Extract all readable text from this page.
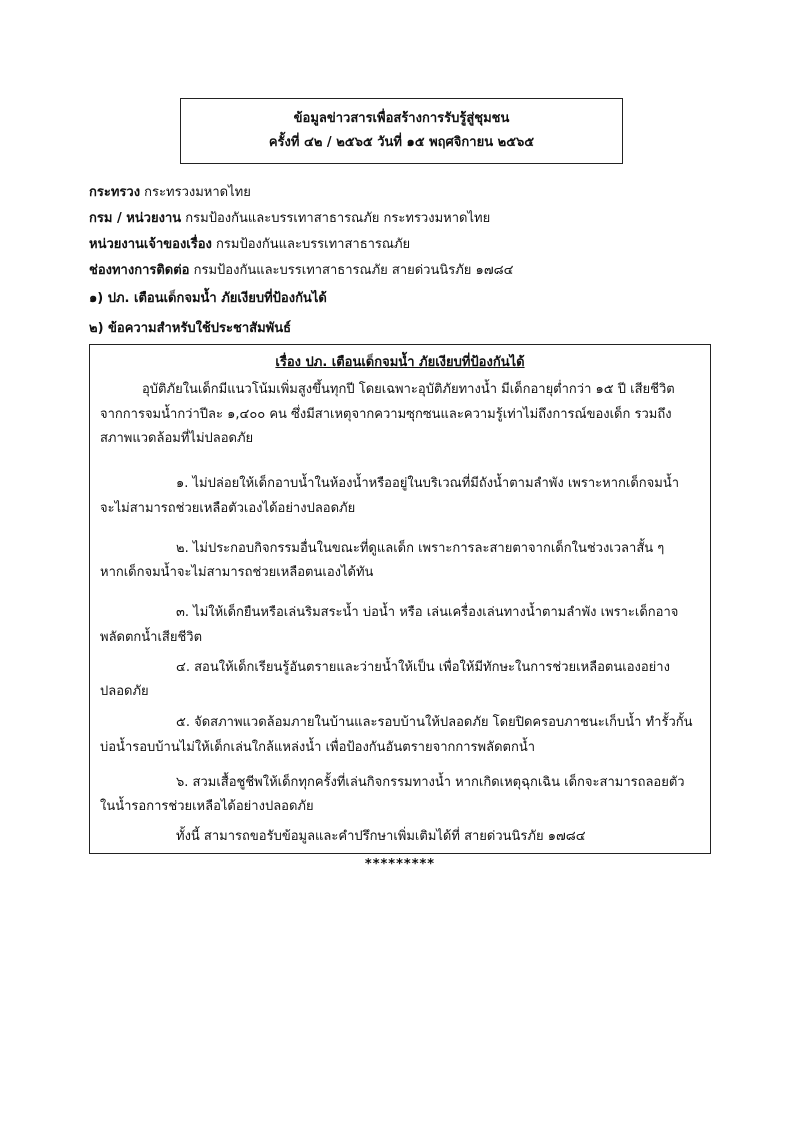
ข้อมูลข่าวสารเพื่อสร้างการรับรู้สู่ชุมชน
ครั้งที่ ๔๒ / ๒๕๖๕ วันที่ ๑๕ พฤศจิกายน ๒๕๖๕
กระทรวง กระทรวงมหาดไทย
กรม / หน่วยงาน กรมป้องกันและบรรเทาสาธารณภัย กระทรวงมหาดไทย
หน่วยงานเจ้าของเรื่อง กรมป้องกันและบรรเทาสาธารณภัย
ช่องทางการติดต่อ กรมป้องกันและบรรเทาสาธารณภัย สายด่วนนิรภัย ๑๗๘๔
๑) ปภ. เตือนเด็กจมน้ำ ภัยเงียบที่ป้องกันได้
๒) ข้อความสำหรับใช้ประชาสัมพันธ์
เรื่อง ปภ. เตือนเด็กจมน้ำ ภัยเงียบที่ป้องกันได้
อุบัติภัยในเด็กมีแนวโน้มเพิ่มสูงขึ้นทุกปี โดยเฉพาะอุบัติภัยทางน้ำ มีเด็กอายุต่ำกว่า ๑๕ ปี เสียชีวิต
จากการจมน้ำกว่าปีละ ๑,๔๐๐ คน ซึ่งมีสาเหตุจากความซุกซนและความรู้เท่าไม่ถึงการณ์ของเด็ก รวมถึง
สภาพแวดล้อมที่ไม่ปลอดภัย
๑. ไม่ปล่อยให้เด็กอาบน้ำในห้องน้ำหรืออยู่ในบริเวณที่มีถังน้ำตามลำพัง เพราะหากเด็กจมน้ำ
จะไม่สามารถช่วยเหลือตัวเองได้อย่างปลอดภัย
๒. ไม่ประกอบกิจกรรมอื่นในขณะที่ดูแลเด็ก เพราะการละสายตาจากเด็กในช่วงเวลาสั้น ๆ
หากเด็กจมน้ำจะไม่สามารถช่วยเหลือตนเองได้ทัน
๓. ไม่ให้เด็กยืนหรือเล่นริมสระน้ำ บ่อน้ำ หรือ เล่นเครื่องเล่นทางน้ำตามลำพัง เพราะเด็กอาจ
พลัดตกน้ำเสียชีวิต
๔. สอนให้เด็กเรียนรู้อันตรายและว่ายน้ำให้เป็น เพื่อให้มีทักษะในการช่วยเหลือตนเองอย่าง
ปลอดภัย
๕. จัดสภาพแวดล้อมภายในบ้านและรอบบ้านให้ปลอดภัย โดยปิดครอบภาชนะเก็บน้ำ ทำรั้วกั้น
บ่อน้ำรอบบ้านไม่ให้เด็กเล่นใกล้แหล่งน้ำ เพื่อป้องกันอันตรายจากการพลัดตกน้ำ
๖. สวมเสื้อชูชีพให้เด็กทุกครั้งที่เล่นกิจกรรมทางน้ำ หากเกิดเหตุฉุกเฉิน เด็กจะสามารถลอยตัว
ในน้ำรอการช่วยเหลือได้อย่างปลอดภัย
ทั้งนี้ สามารถขอรับข้อมูลและคำปรึกษาเพิ่มเติมได้ที่ สายด่วนนิรภัย ๑๗๘๔
*********
